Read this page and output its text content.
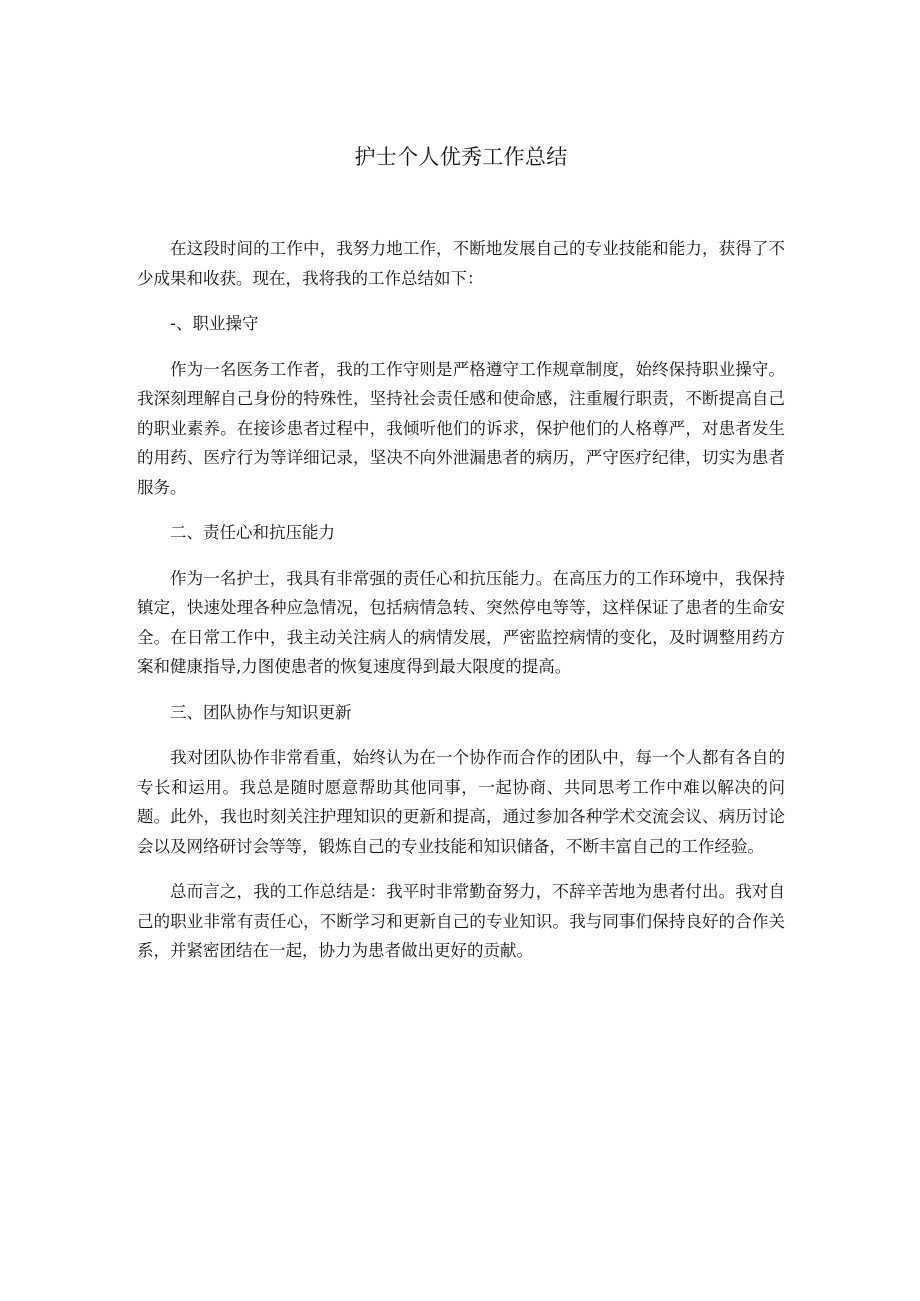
护士个人优秀工作总结

在这段时间的工作中，我努力地工作，不断地发展自己的专业技能和能力，获得了不少成果和收获。现在，我将我的工作总结如下：

-、职业操守

作为一名医务工作者，我的工作守则是严格遵守工作规章制度，始终保持职业操守。我深刻理解自己身份的特殊性，坚持社会责任感和使命感，注重履行职责，不断提高自己的职业素养。在接诊患者过程中，我倾听他们的诉求，保护他们的人格尊严，对患者发生的用药、医疗行为等详细记录，坚决不向外泄漏患者的病历，严守医疗纪律，切实为患者服务。

二、责任心和抗压能力

作为一名护士，我具有非常强的责任心和抗压能力。在高压力的工作环境中，我保持镇定，快速处理各种应急情况，包括病情急转、突然停电等等，这样保证了患者的生命安全。在日常工作中，我主动关注病人的病情发展，严密监控病情的变化，及时调整用药方案和健康指导,力图使患者的恢复速度得到最大限度的提高。

三、团队协作与知识更新

我对团队协作非常看重，始终认为在一个协作而合作的团队中，每一个人都有各自的专长和运用。我总是随时愿意帮助其他同事，一起协商、共同思考工作中难以解决的问题。此外，我也时刻关注护理知识的更新和提高，通过参加各种学术交流会议、病历讨论会以及网络研讨会等等，锻炼自己的专业技能和知识储备，不断丰富自己的工作经验。

总而言之，我的工作总结是：我平时非常勤奋努力，不辞辛苦地为患者付出。我对自己的职业非常有责任心，不断学习和更新自己的专业知识。我与同事们保持良好的合作关系，并紧密团结在一起，协力为患者做出更好的贡献。
